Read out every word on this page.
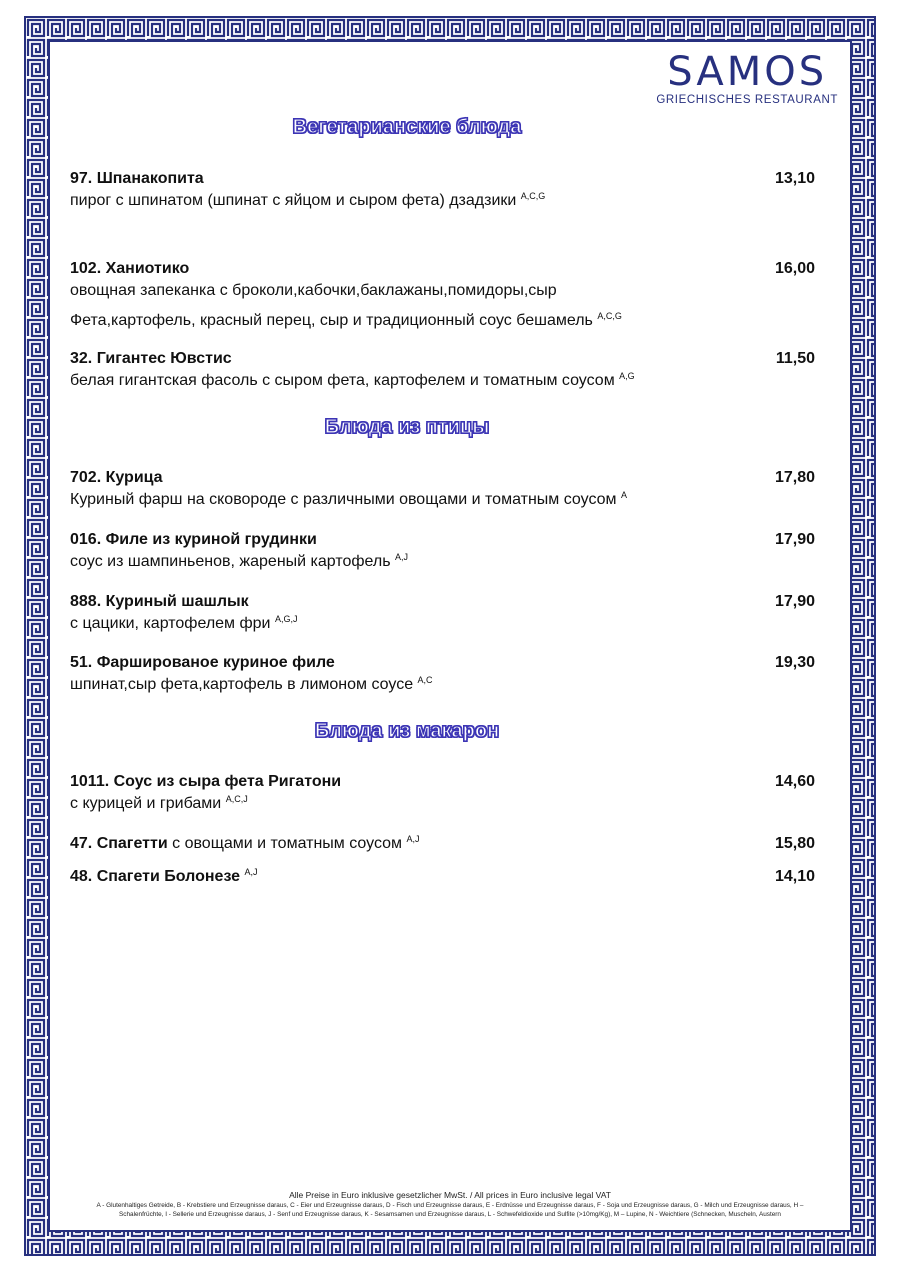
SAMOS
GRIECHISCHES RESTAURANT
Вегетарианские блюда
97. Шпанакопита	13,10
пирог с шпинатом (шпинат с яйцом и сыром фета) дзадзики $^{A,C,G}$
102. Ханиотико	16,00
овощная запеканка с броколи,кабочки,баклажаны,помидоры,сыр
Фета,картофель, красный перец, сыр и традиционный соус бешамель $^{A,C,G}$
32. Гигантес Ювстис	11,50
белая гигантская фасоль с сыром фета, картофелем и томатным соусом $^{A,G}$
Блюда из птицы
702. Курица	17,80
Куриный фарш на сковороде с различными овощами и томатным соусом $^A$
016. Филе из куриной грудинки	17,90
соус из шампиньенов, жареный картофель $^{A,J}$
888. Куриный шашлык	17,90
с цацики, картофелем фри $^{A,G,J}$
51. Фаршированое куриное филе	19,30
шпинат,сыр фета,картофель в лимоном соусе $^{A,C}$
Блюда из макарон
1011. Соус из сыра фета Ригатони	14,60
с курицей и грибами $^{A,C,J}$
47. Спагетти с овощами и томатным соусом $^{A,J}$	15,80
48. Спагети Болонезе $^{A,J}$	14,10
Alle Preise in Euro inklusive gesetzlicher MwSt. / All prices in Euro inclusive legal VAT
A - Glutenhaltiges Getreide, B - Krebstiere und Erzeugnisse daraus, C - Eier und Erzeugnisse daraus, D - Fisch und Erzeugnisse daraus, E - Erdnüsse und Erzeugnisse daraus, F - Soja und Erzeugnisse daraus, G - Milch und Erzeugnisse daraus, H –
Schalenfrüchte, I - Sellerie und Erzeugnisse daraus, J - Senf und Erzeugnisse daraus, K - Sesamsamen und Erzeugnisse daraus, L - Schwefeldioxide und Sulfite (>10mg/Kg), M – Lupine, N - Weichtiere (Schnecken, Muscheln, Austern
